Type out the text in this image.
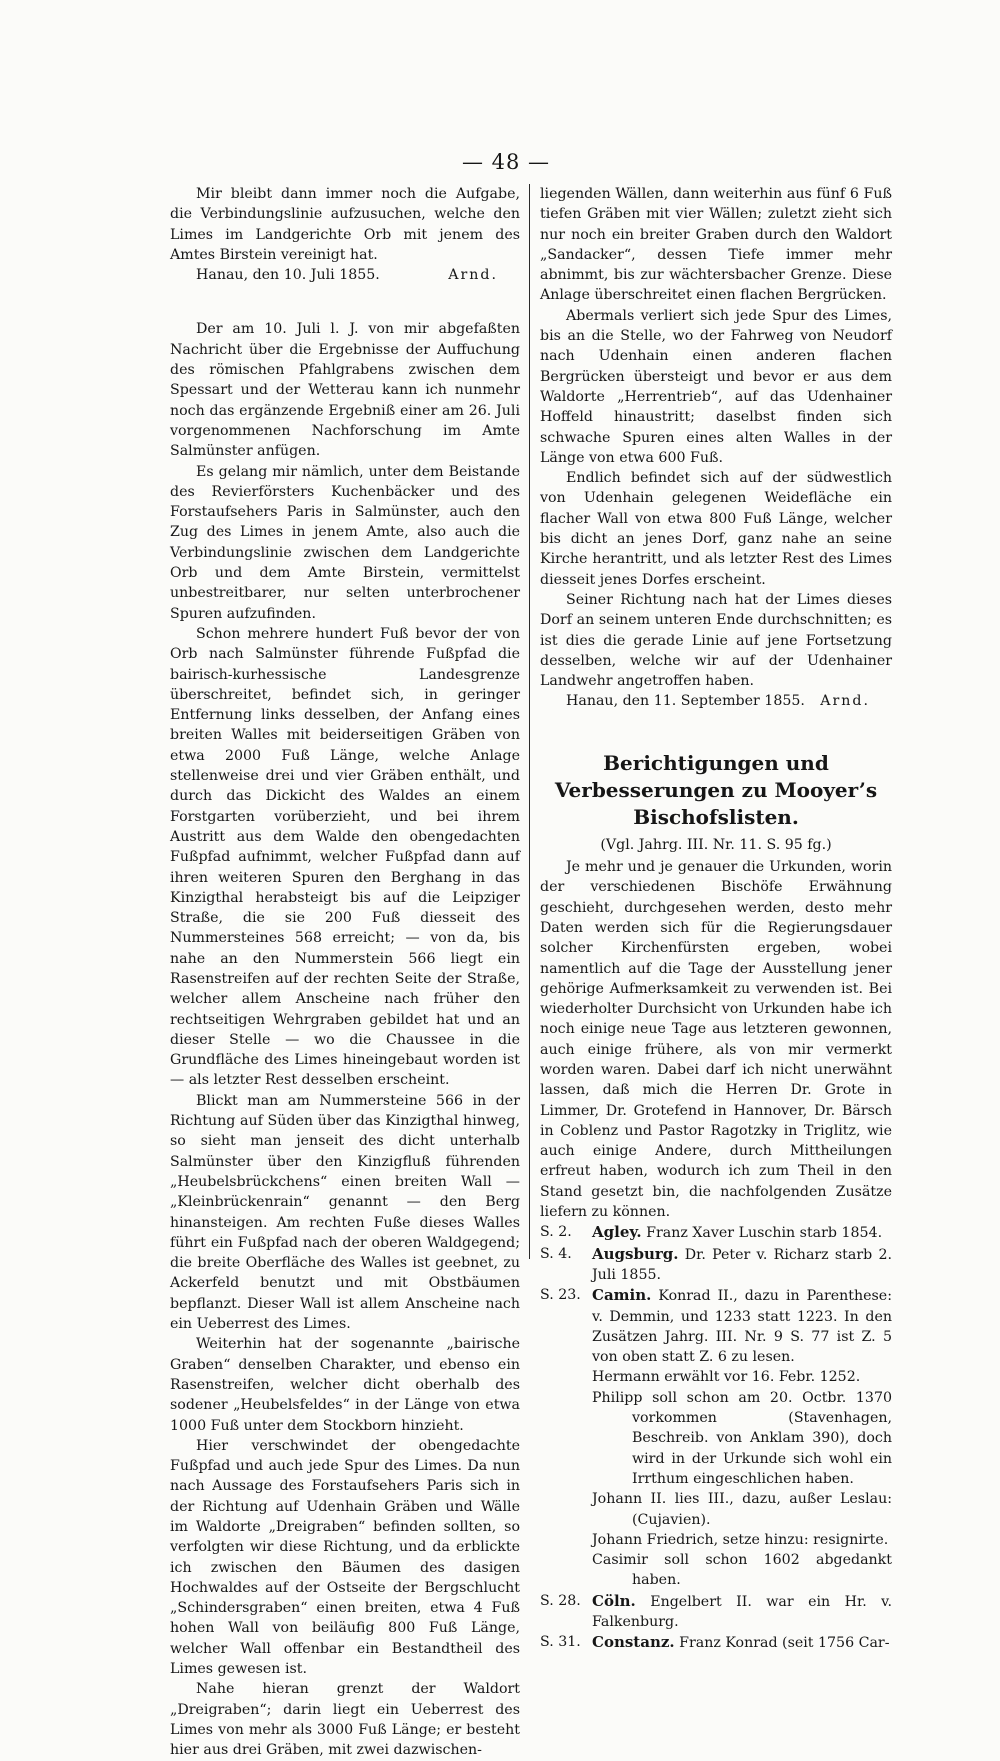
— 48 —

Mir bleibt dann immer noch die Aufgabe, die Verbindungslinie aufzusuchen, welche den Limes im Landgerichte Orb mit jenem des Amtes Birstein vereinigt hat.

Hanau, den 10. Juli 1855.	Arnd.

Der am 10. Juli l. J. von mir abgefaßten Nachricht über die Ergebnisse der Auffuchung des römischen Pfahlgrabens zwischen dem Spessart und der Wetterau kann ich nunmehr noch das ergänzende Ergebniß einer am 26. Juli vorgenommenen Nachforschung im Amte Salmünster anfügen.

Es gelang mir nämlich, unter dem Beistande des Revierförsters Kuchenbäcker und des Forstaufsehers Paris in Salmünster, auch den Zug des Limes in jenem Amte, also auch die Verbindungslinie zwischen dem Landgerichte Orb und dem Amte Birstein, vermittelst unbestreitbarer, nur selten unterbrochener Spuren aufzufinden.

Schon mehrere hundert Fuß bevor der von Orb nach Salmünster führende Fußpfad die bairisch-kurhessische Landesgrenze überschreitet, befindet sich, in geringer Entfernung links desselben, der Anfang eines breiten Walles mit beiderseitigen Gräben von etwa 2000 Fuß Länge, welche Anlage stellenweise drei und vier Gräben enthält, und durch das Dickicht des Waldes an einem Forstgarten vorüberzieht, und bei ihrem Austritt aus dem Walde den obengedachten Fußpfad aufnimmt, welcher Fußpfad dann auf ihren weiteren Spuren den Berghang in das Kinzigthal herabsteigt bis auf die Leipziger Straße, die sie 200 Fuß diesseit des Nummersteines 568 erreicht; — von da, bis nahe an den Nummerstein 566 liegt ein Rasenstreifen auf der rechten Seite der Straße, welcher allem Anscheine nach früher den rechtseitigen Wehrgraben gebildet hat und an dieser Stelle — wo die Chaussee in die Grundfläche des Limes hineingebaut worden ist — als letzter Rest desselben erscheint.

Blickt man am Nummersteine 566 in der Richtung auf Süden über das Kinzigthal hinweg, so sieht man jenseit des dicht unterhalb Salmünster über den Kinzigfluß führenden „Heubelsbrückchens“ einen breiten Wall — „Kleinbrückenrain“ genannt — den Berg hinansteigen. Am rechten Fuße dieses Walles führt ein Fußpfad nach der oberen Waldgegend; die breite Oberfläche des Walles ist geebnet, zu Ackerfeld benutzt und mit Obstbäumen bepflanzt. Dieser Wall ist allem Anscheine nach ein Ueberrest des Limes.

Weiterhin hat der sogenannte „bairische Graben“ denselben Charakter, und ebenso ein Rasenstreifen, welcher dicht oberhalb des sodener „Heubelsfeldes“ in der Länge von etwa 1000 Fuß unter dem Stockborn hinzieht.

Hier verschwindet der obengedachte Fußpfad und auch jede Spur des Limes. Da nun nach Aussage des Forstaufsehers Paris sich in der Richtung auf Udenhain Gräben und Wälle im Waldorte „Dreigraben“ befinden sollten, so verfolgten wir diese Richtung, und da erblickte ich zwischen den Bäumen des dasigen Hochwaldes auf der Ostseite der Bergschlucht „Schindersgraben“ einen breiten, etwa 4 Fuß hohen Wall von beiläufig 800 Fuß Länge, welcher Wall offenbar ein Bestandtheil des Limes gewesen ist.

Nahe hieran grenzt der Waldort „Dreigraben“; darin liegt ein Ueberrest des Limes von mehr als 3000 Fuß Länge; er besteht hier aus drei Gräben, mit zwei dazwischen-

liegenden Wällen, dann weiterhin aus fünf 6 Fuß tiefen Gräben mit vier Wällen; zuletzt zieht sich nur noch ein breiter Graben durch den Waldort „Sandacker“, dessen Tiefe immer mehr abnimmt, bis zur wächtersbacher Grenze. Diese Anlage überschreitet einen flachen Bergrücken.

Abermals verliert sich jede Spur des Limes, bis an die Stelle, wo der Fahrweg von Neudorf nach Udenhain einen anderen flachen Bergrücken übersteigt und bevor er aus dem Waldorte „Herrentrieb“, auf das Udenhainer Hoffeld hinaustritt; daselbst finden sich schwache Spuren eines alten Walles in der Länge von etwa 600 Fuß.

Endlich befindet sich auf der südwestlich von Udenhain gelegenen Weidefläche ein flacher Wall von etwa 800 Fuß Länge, welcher bis dicht an jenes Dorf, ganz nahe an seine Kirche herantritt, und als letzter Rest des Limes diesseit jenes Dorfes erscheint.

Seiner Richtung nach hat der Limes dieses Dorf an seinem unteren Ende durchschnitten; es ist dies die gerade Linie auf jene Fortsetzung desselben, welche wir auf der Udenhainer Landwehr angetroffen haben.

Hanau, den 11. September 1855. Arnd.
Berichtigungen und Verbesserungen zu Mooyer’s Bischofslisten.
(Vgl. Jahrg. III. Nr. 11. S. 95 fg.)

Je mehr und je genauer die Urkunden, worin der verschiedenen Bischöfe Erwähnung geschieht, durchgesehen werden, desto mehr Daten werden sich für die Regierungsdauer solcher Kirchenfürsten ergeben, wobei namentlich auf die Tage der Ausstellung jener gehörige Aufmerksamkeit zu verwenden ist. Bei wiederholter Durchsicht von Urkunden habe ich noch einige neue Tage aus letzteren gewonnen, auch einige frühere, als von mir vermerkt worden waren. Dabei darf ich nicht unerwähnt lassen, daß mich die Herren Dr. Grote in Limmer, Dr. Grotefend in Hannover, Dr. Bärsch in Coblenz und Pastor Ragotzky in Triglitz, wie auch einige Andere, durch Mittheilungen erfreut haben, wodurch ich zum Theil in den Stand gesetzt bin, die nachfolgenden Zusätze liefern zu können.

S. 2.	Agley. Franz Xaver Luschin starb 1854.
S. 4.	Augsburg. Dr. Peter v. Richarz starb 2. Juli 1855.
S. 23. Camin. Konrad II., dazu in Parenthese: v. Demmin, und 1233 statt 1223. In den Zusätzen Jahrg. III. Nr. 9 S. 77 ist Z. 5 von oben statt Z. 6 zu lesen.
Hermann erwählt vor 16. Febr. 1252.
Philipp soll schon am 20. Octbr. 1370 vorkommen (Stavenhagen, Beschreib. von Anklam 390), doch wird in der Urkunde sich wohl ein Irrthum eingeschlichen haben.
Johann II. lies III., dazu, außer Leslau: (Cujavien).
Johann Friedrich, setze hinzu: resignirte.
Casimir soll schon 1602 abgedankt haben.
S. 28. Cöln. Engelbert II. war ein Hr. v. Falkenburg.
S. 31. Constanz. Franz Konrad (seit 1756 Car-
